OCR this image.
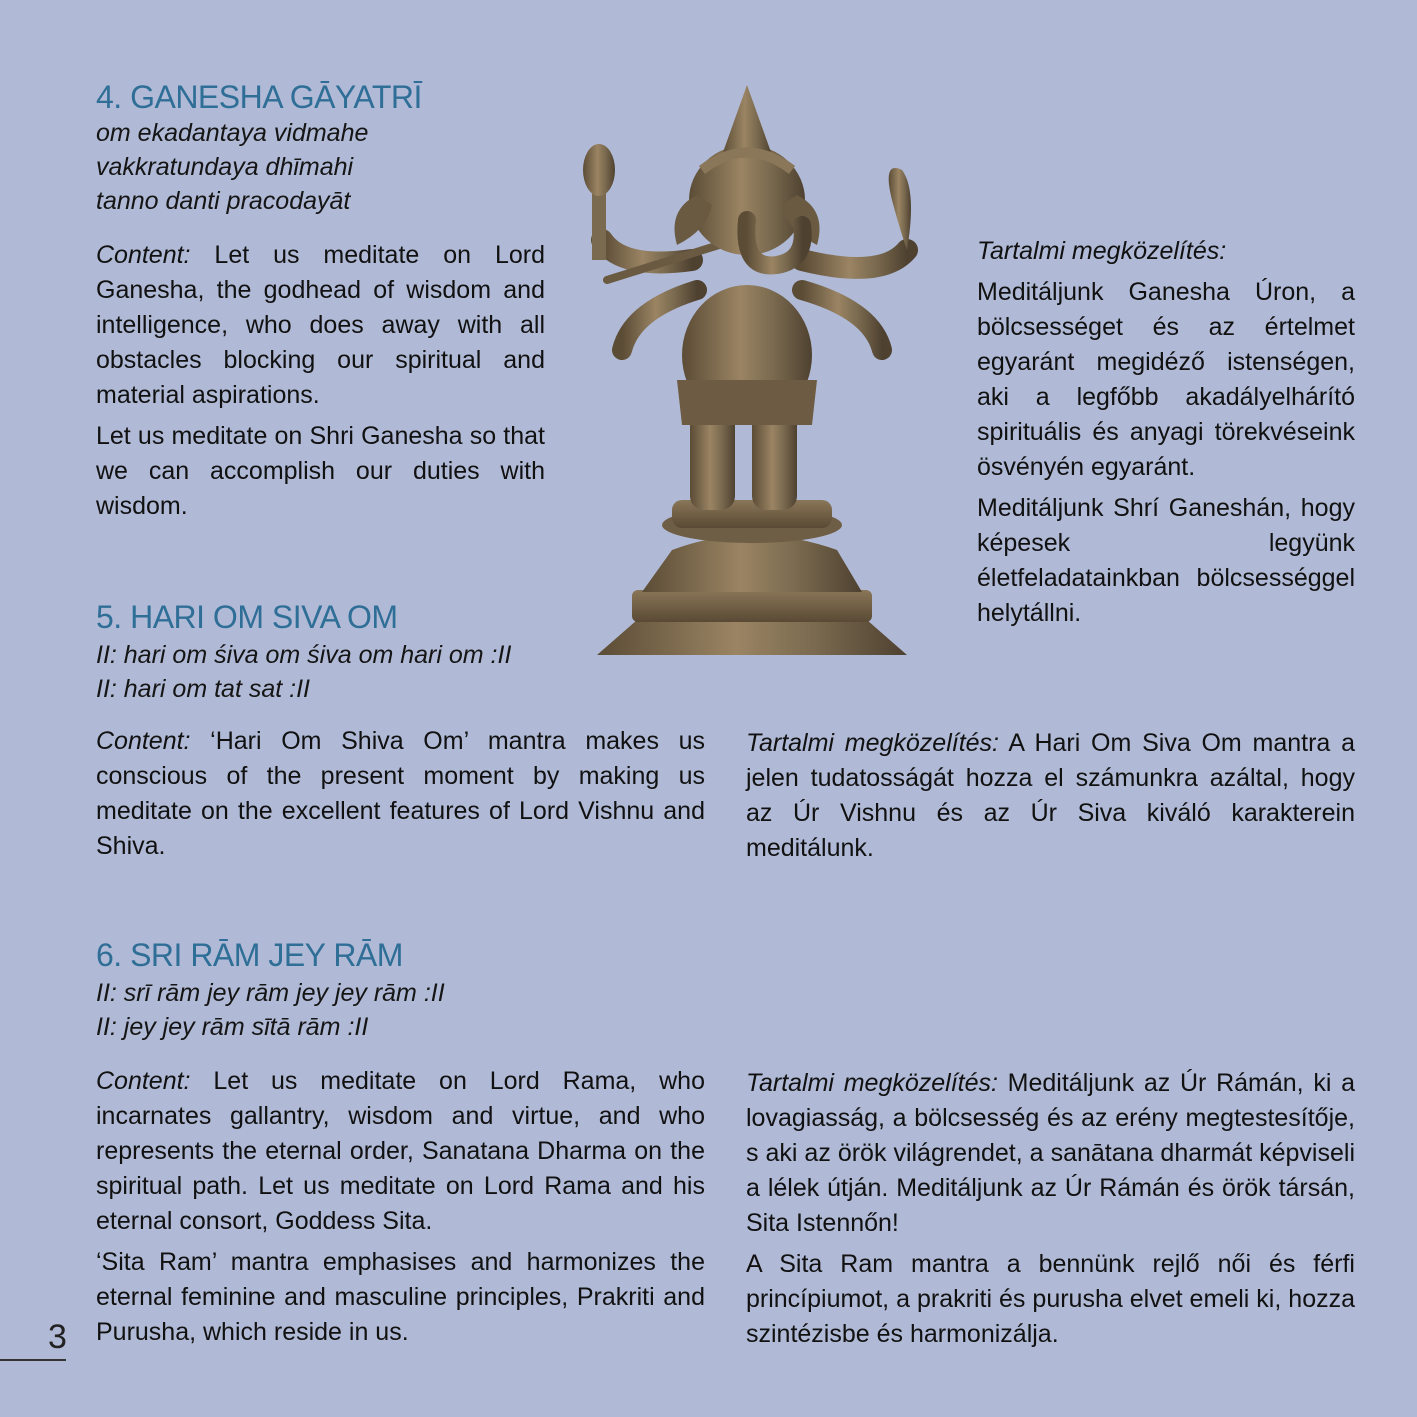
4. GANESHA GĀYATRĪ
om ekadantaya vidmahe
vakkratundaya dhīmahi
tanno danti pracodayāt

Content: Let us meditate on Lord Ganesha, the godhead of wisdom and intelligence, who does away with all obstacles blocking our spiritual and material aspirations.

Let us meditate on Shri Ganesha so that we can accomplish our duties with wisdom.

Tartalmi megközelítés:

Meditáljunk Ganesha Úron, a bölcsességet és az értelmet egyaránt megidéző istenségen, aki a legfőbb akadályelhárító spirituális és anyagi törekvéseink ösvényén egyaránt.

Meditáljunk Shrí Ganeshán, hogy képesek legyünk életfeladatainkban bölcsességgel helytállni.

5. HARI OM SIVA OM
II: hari om śiva om śiva om hari om :II
II: hari om tat sat :II

Content: ‘Hari Om Shiva Om’ mantra makes us conscious of the present moment by making us meditate on the excellent features of Lord Vishnu and Shiva.

Tartalmi megközelítés: A Hari Om Siva Om mantra a jelen tudatosságát hozza el számunkra azáltal, hogy az Úr Vishnu és az Úr Siva kiváló karakterein meditálunk.

6. SRI RĀM JEY RĀM
II: srī rām jey rām jey jey rām :II
II: jey jey rām sītā rām :II

Content: Let us meditate on Lord Rama, who incarnates gallantry, wisdom and virtue, and who represents the eternal order, Sanatana Dharma on the spiritual path. Let us meditate on Lord Rama and his eternal consort, Goddess Sita.

‘Sita Ram’ mantra emphasises and harmonizes the eternal feminine and masculine principles, Prakriti and Purusha, which reside in us.

Tartalmi megközelítés: Meditáljunk az Úr Rámán, ki a lovagiasság, a bölcsesség és az erény megtestesítője, s aki az örök világrendet, a sanātana dharmát képviseli a lélek útján. Meditáljunk az Úr Rámán és örök társán, Sita Istennőn!

A Sita Ram mantra a bennünk rejlő női és férfi princípiumot, a prakriti és purusha elvet emeli ki, hozza szintézisbe és harmonizálja.

3
